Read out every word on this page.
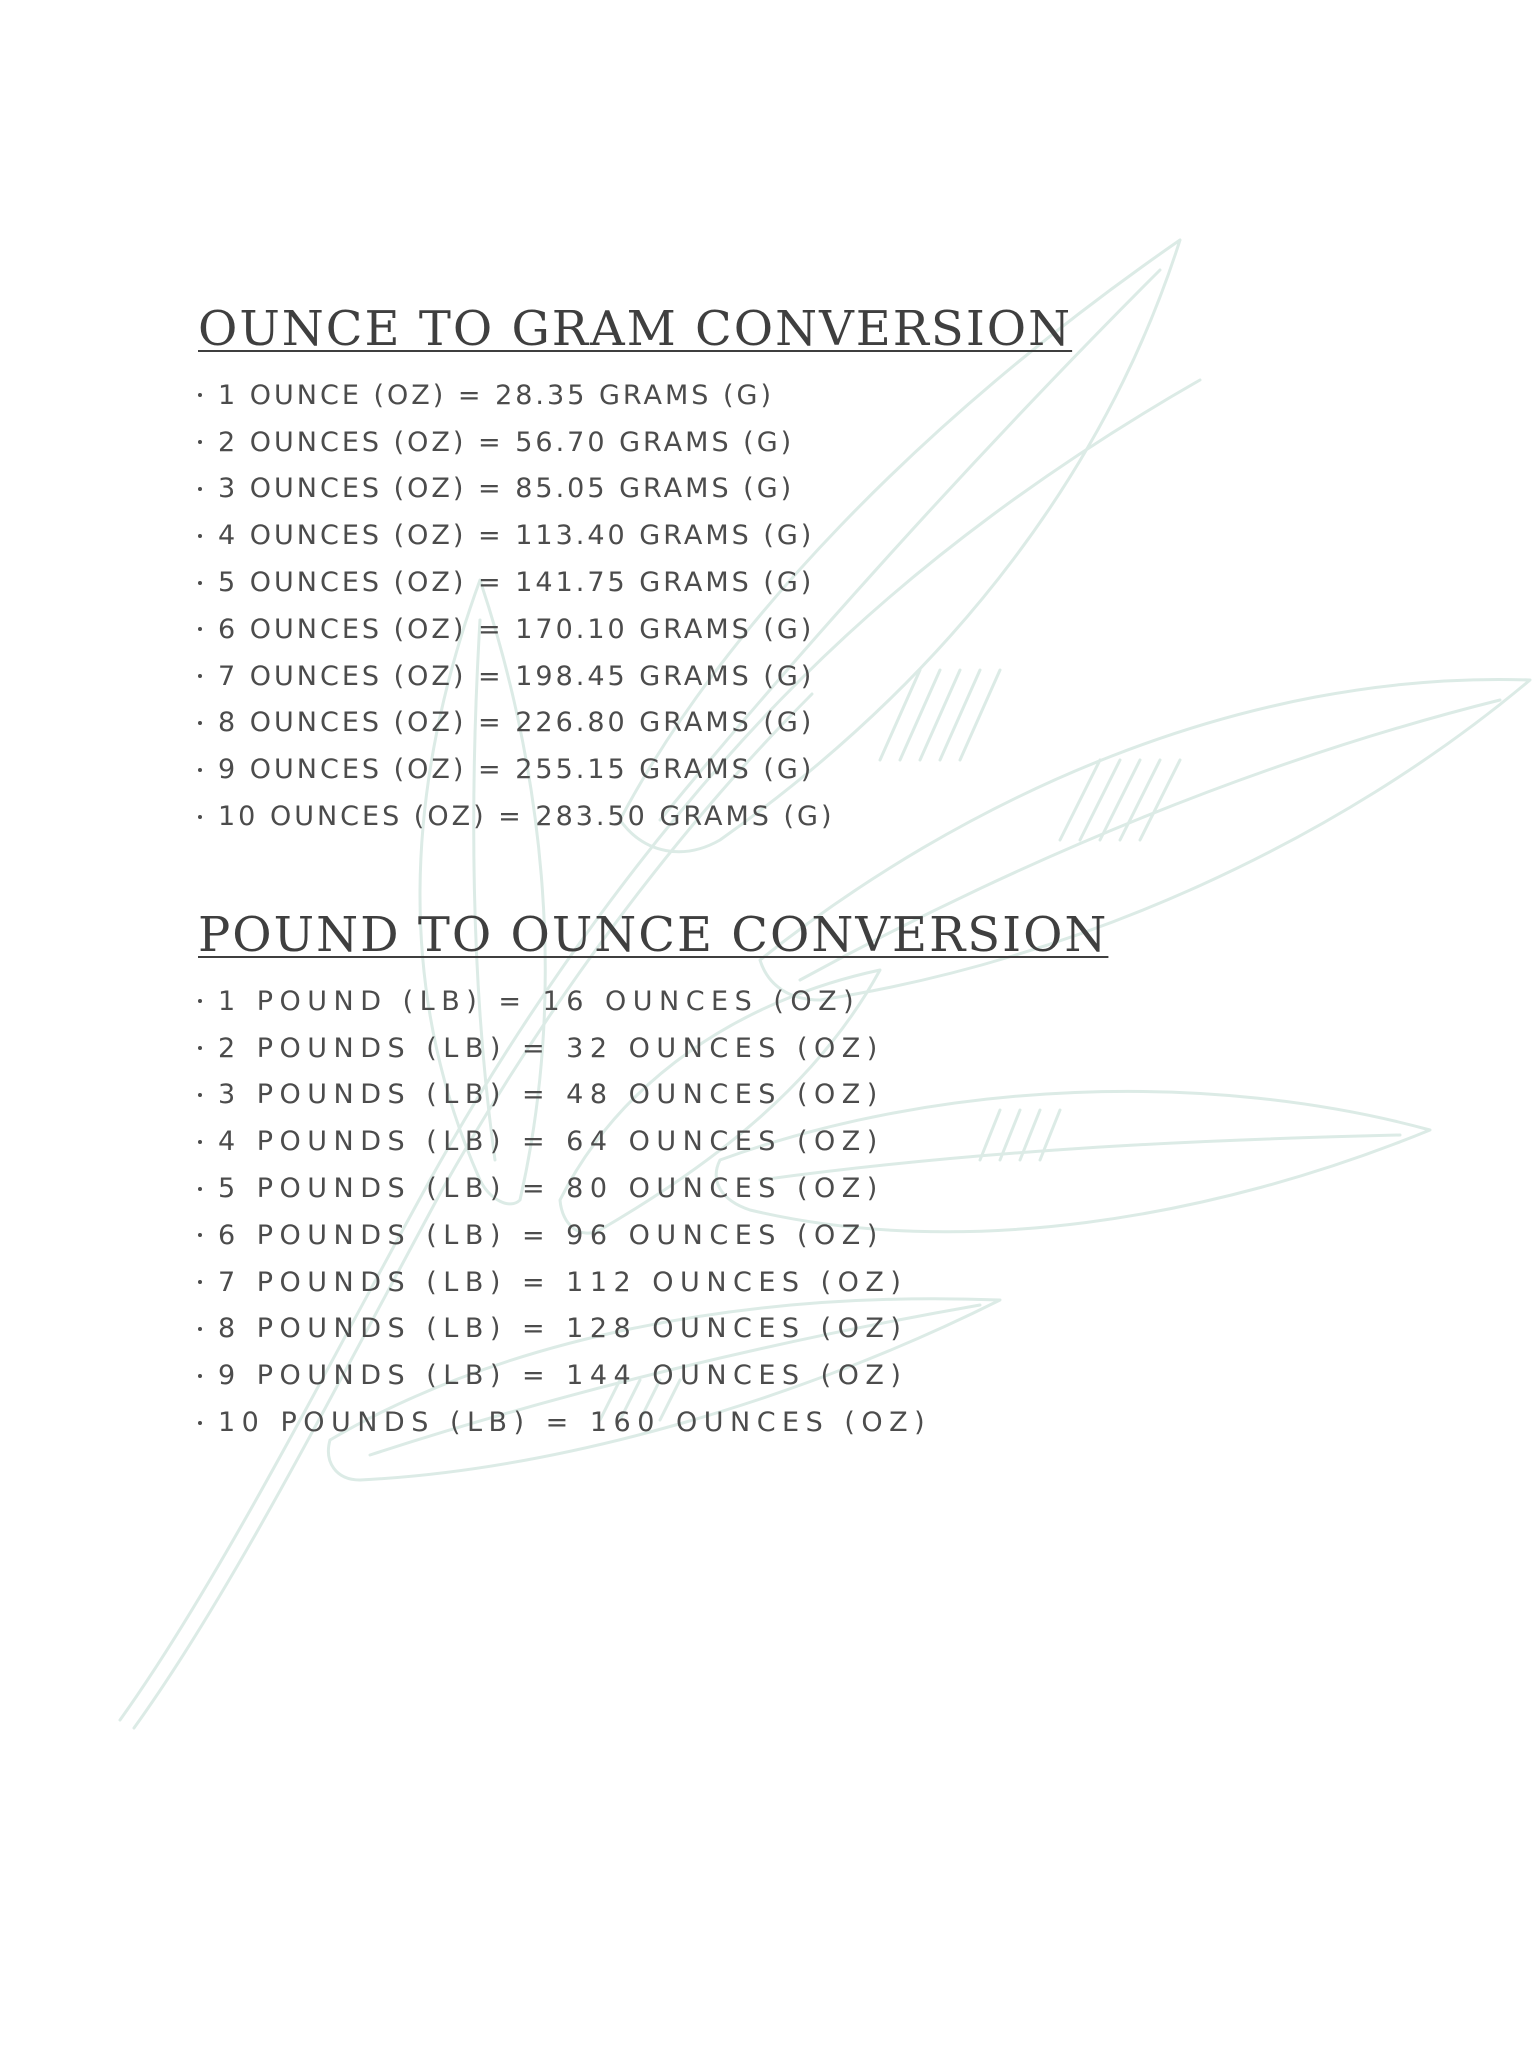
OUNCE TO GRAM CONVERSION
1 OUNCE (OZ) = 28.35 GRAMS (G)
2 OUNCES (OZ) = 56.70 GRAMS (G)
3 OUNCES (OZ) = 85.05 GRAMS (G)
4 OUNCES (OZ) = 113.40 GRAMS (G)
5 OUNCES (OZ) = 141.75 GRAMS (G)
6 OUNCES (OZ) = 170.10 GRAMS (G)
7 OUNCES (OZ) = 198.45 GRAMS (G)
8 OUNCES (OZ) = 226.80 GRAMS (G)
9 OUNCES (OZ) = 255.15 GRAMS (G)
10 OUNCES (OZ) = 283.50 GRAMS (G)
POUND TO OUNCE CONVERSION
1 POUND (LB) = 16 OUNCES (OZ)
2 POUNDS (LB) = 32 OUNCES (OZ)
3 POUNDS (LB) = 48 OUNCES (OZ)
4 POUNDS (LB) = 64 OUNCES (OZ)
5 POUNDS (LB) = 80 OUNCES (OZ)
6 POUNDS (LB) = 96 OUNCES (OZ)
7 POUNDS (LB) = 112 OUNCES (OZ)
8 POUNDS (LB) = 128 OUNCES (OZ)
9 POUNDS (LB) = 144 OUNCES (OZ)
10 POUNDS (LB) = 160 OUNCES (OZ)
